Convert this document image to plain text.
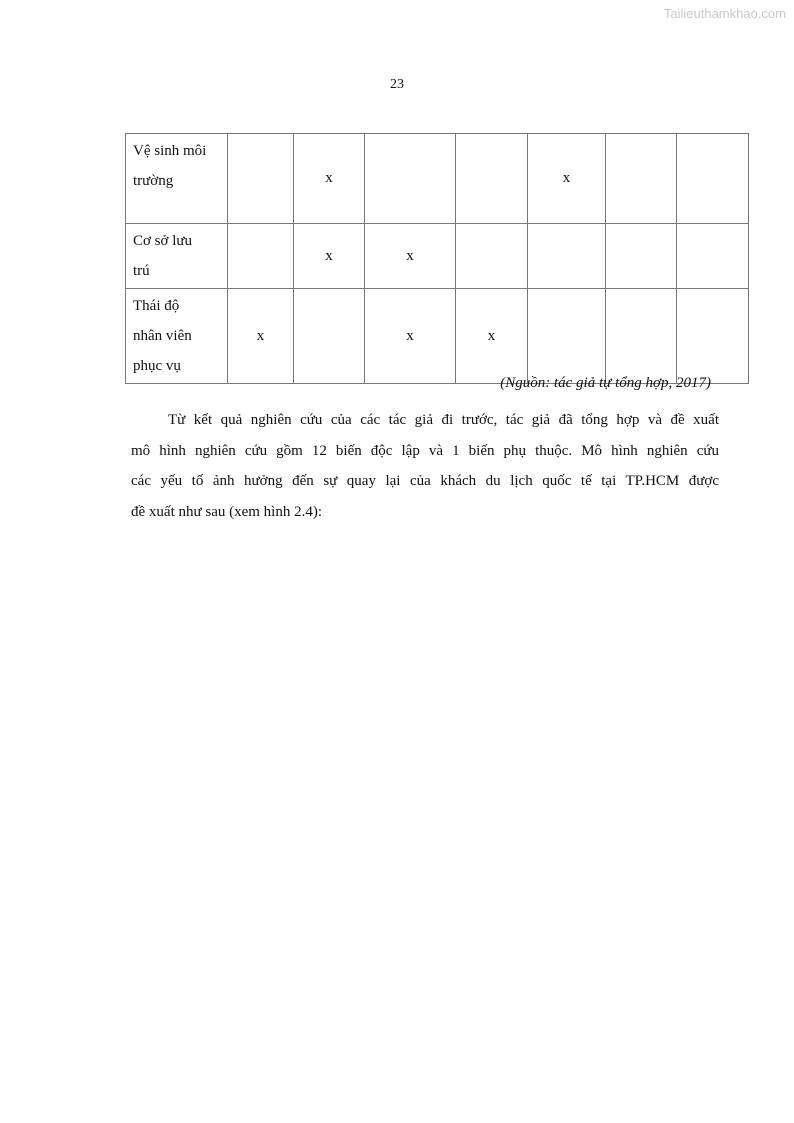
Tailieuthamkhao.com
23
Vệ sinh môi
trường		x			x		

Cơ sở lưu
trú		x	x				

Thái độ
nhân viên
phục vụ	x		x	x			
(Nguồn: tác giả tự tổng hợp, 2017)
Từ kết quả nghiên cứu của các tác giả đi trước, tác giả đã tổng hợp và đề xuất
mô hình nghiên cứu gồm 12 biến độc lập và 1 biến phụ thuộc. Mô hình nghiên cứu
các yếu tố ảnh hưởng đến sự quay lại của khách du lịch quốc tế tại TP.HCM được
đề xuất như sau (xem hình 2.4):
